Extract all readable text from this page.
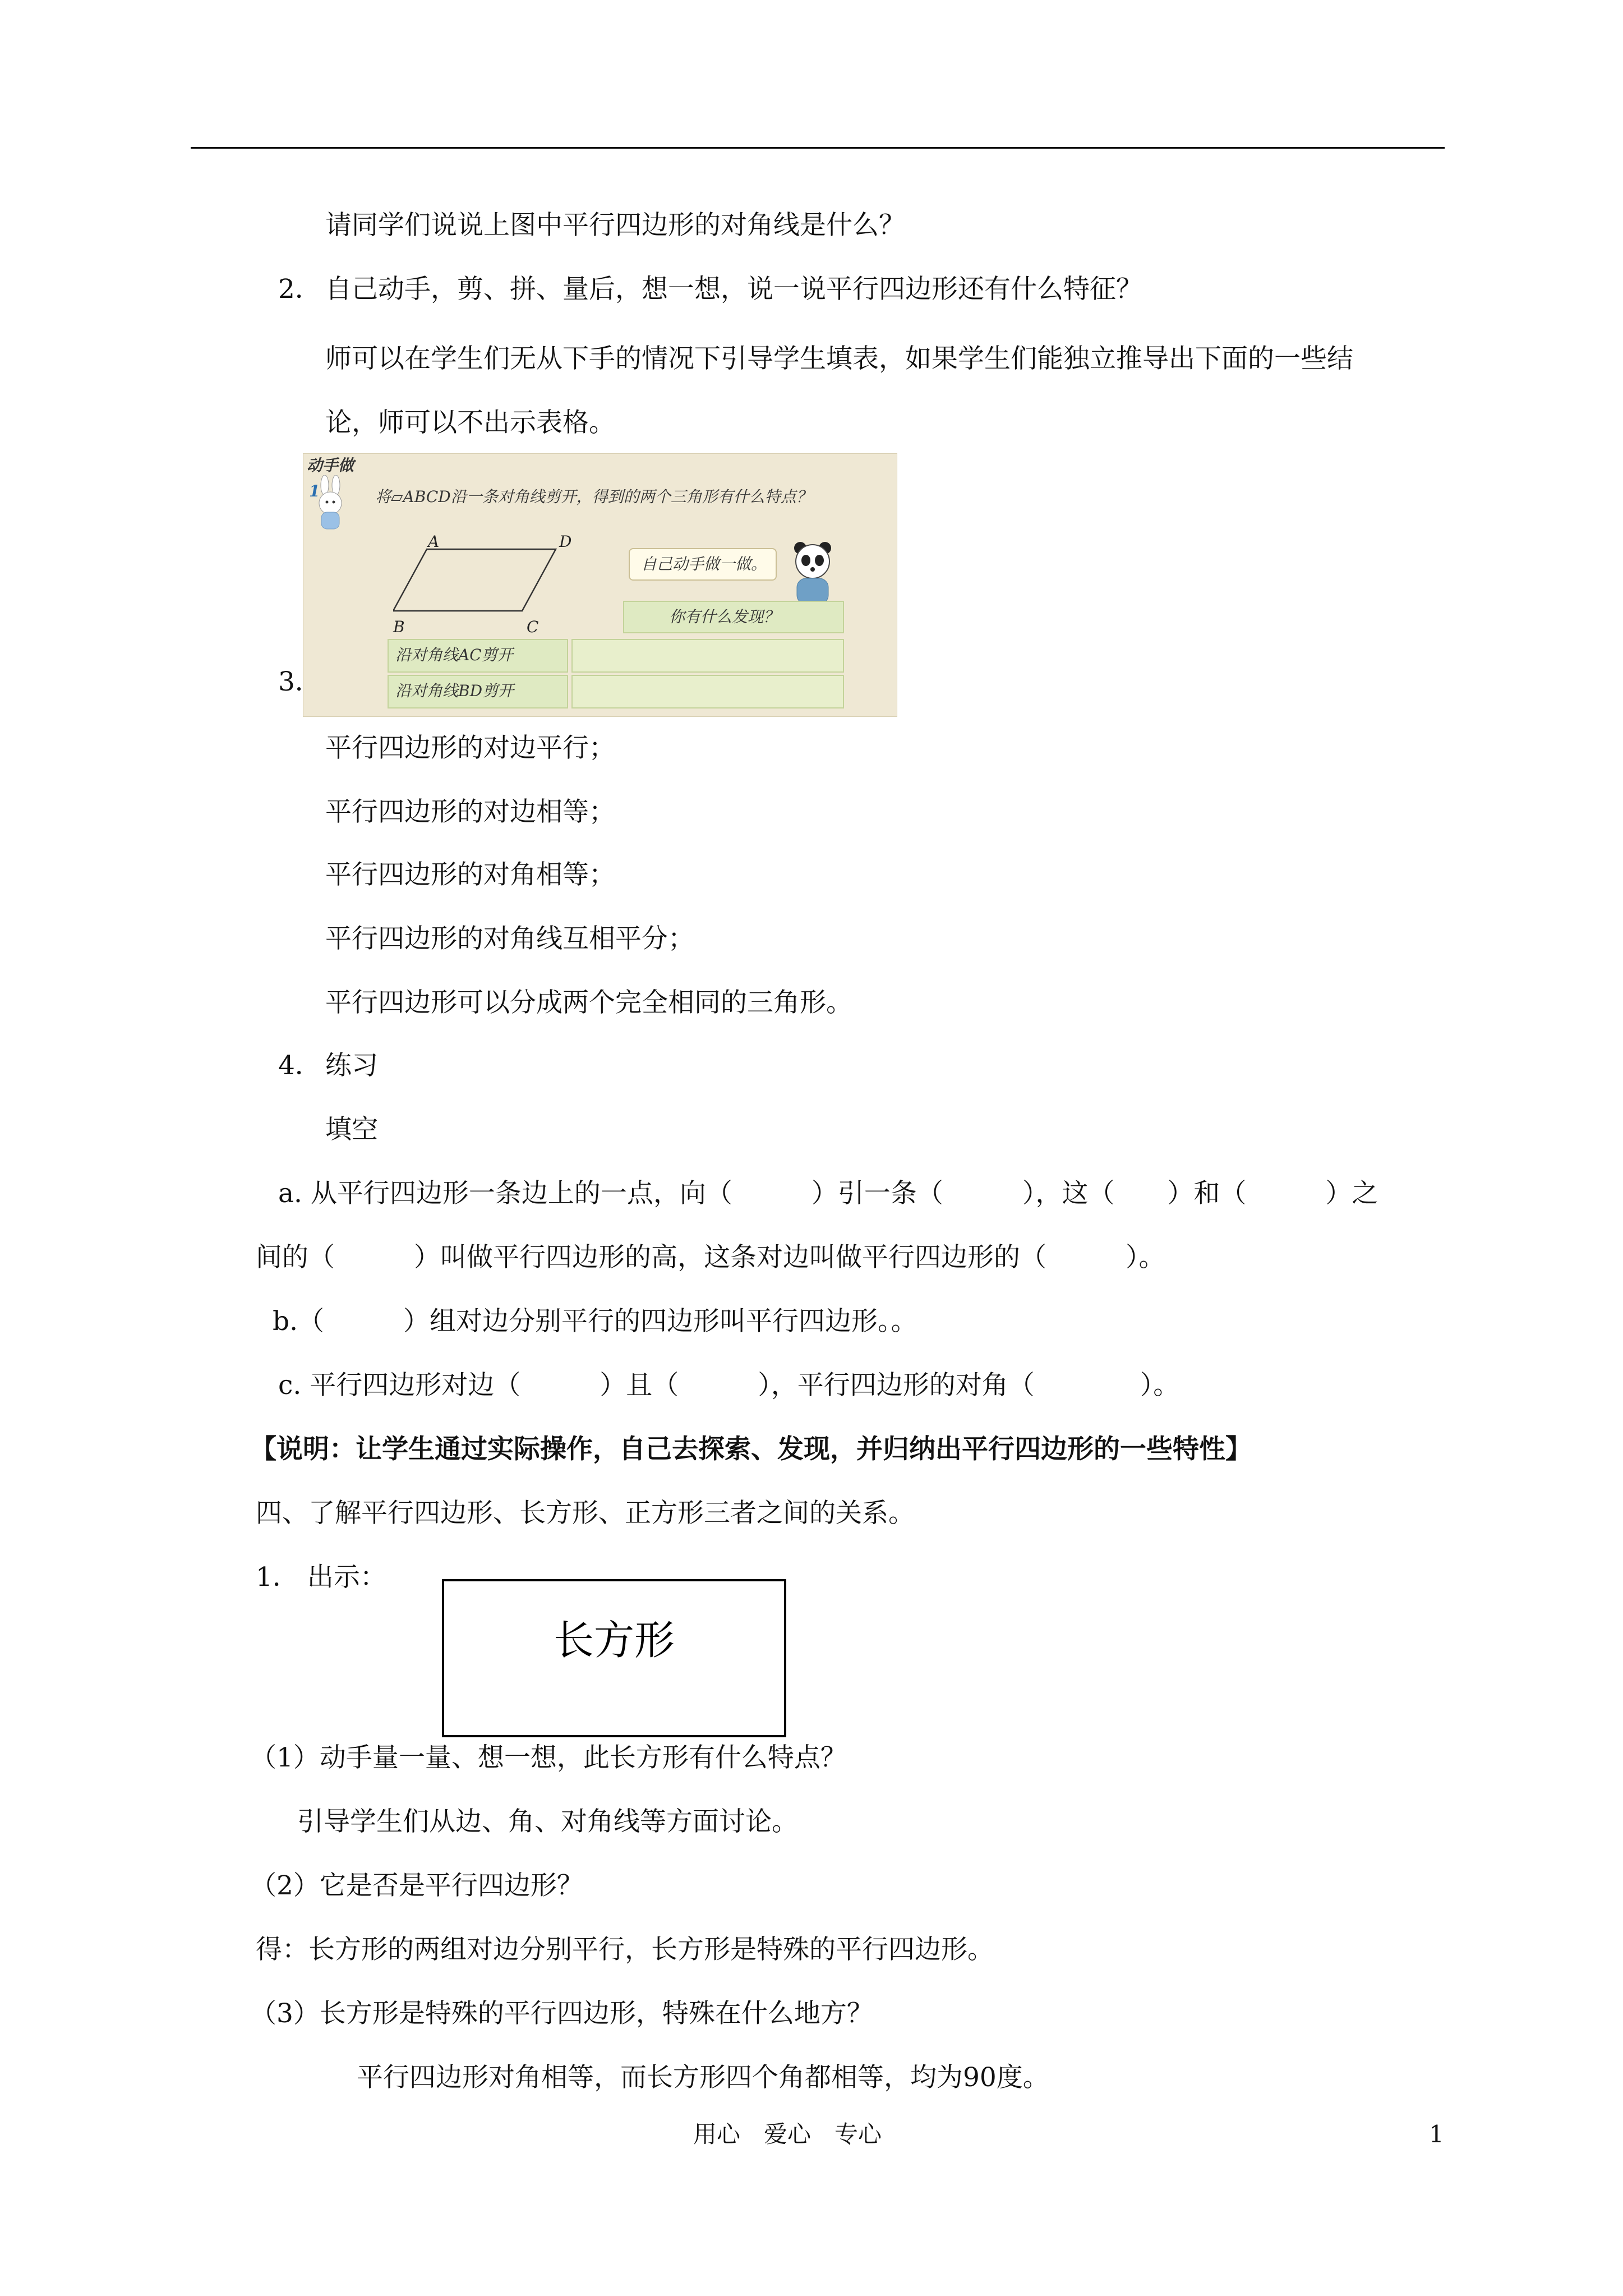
请同学们说说上图中平行四边形的对角线是什么？
2． 自己动手，剪、拼、量后，想一想，说一说平行四边形还有什么特征？
师可以在学生们无从下手的情况下引导学生填表，如果学生们能独立推导出下面的一些结
论，师可以不出示表格。
动手做
1	将▱ABCD沿一条对角线剪开，得到的两个三角形有什么特点？
A	D
B	C
自己动手做一做。
你有什么发现？
沿对角线AC剪开
沿对角线BD剪开
3．
平行四边形的对边平行；
平行四边形的对边相等；
平行四边形的对角相等；
平行四边形的对角线互相平分；
平行四边形可以分成两个完全相同的三角形。
4． 练习
填空
a. 从平行四边形一条边上的一点，向（　　　）引一条（　　　），这（　　）和（　　　）之
间的（　　　）叫做平行四边形的高，这条对边叫做平行四边形的（　　　）。
b.（　　　）组对边分别平行的四边形叫平行四边形。。
c. 平行四边形对边（　　　）且（　　　），平行四边形的对角（　　　　）。
【说明：让学生通过实际操作，自己去探索、发现，并归纳出平行四边形的一些特性】
四、了解平行四边形、长方形、正方形三者之间的关系。
1． 出示：
长方形
（1）动手量一量、想一想，此长方形有什么特点？
引导学生们从边、角、对角线等方面讨论。
（2）它是否是平行四边形？
得：长方形的两组对边分别平行，长方形是特殊的平行四边形。
（3）长方形是特殊的平行四边形，特殊在什么地方？
平行四边形对角相等，而长方形四个角都相等，均为90度。
用心　爱心　专心	1
